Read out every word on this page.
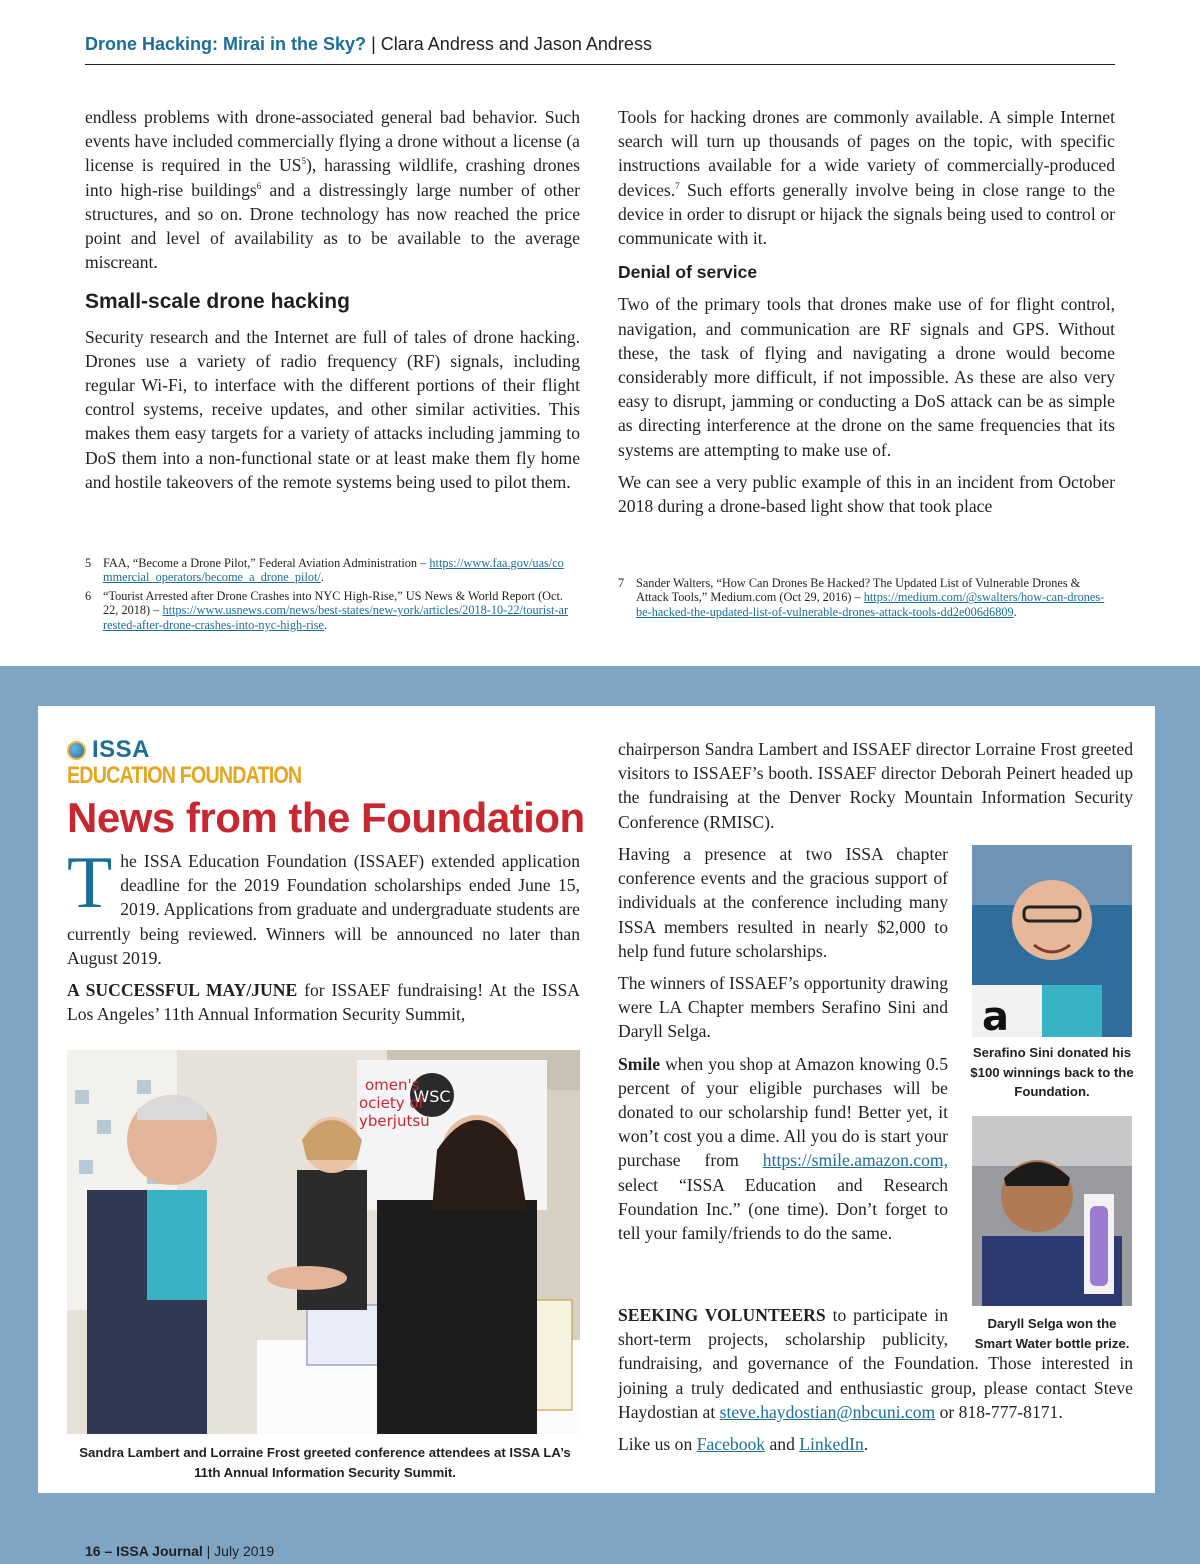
Drone Hacking: Mirai in the Sky? | Clara Andress and Jason Andress

endless problems with drone-associated general bad behavior. Such events have included commercially flying a drone without a license (a license is required in the $US^5$), harassing wildlife, crashing drones into high-rise buildings$^6$ and a distressingly large number of other structures, and so on. Drone technology has now reached the price point and level of availability as to be available to the average miscreant.

Small-scale drone hacking

Security research and the Internet are full of tales of drone hacking. Drones use a variety of radio frequency (RF) signals, including regular Wi-Fi, to interface with the different portions of their flight control systems, receive updates, and other similar activities. This makes them easy targets for a variety of attacks including jamming to DoS them into a non-functional state or at least make them fly home and hostile takeovers of the remote systems being used to pilot them.

Tools for hacking drones are commonly available. A simple Internet search will turn up thousands of pages on the topic, with specific instructions available for a wide variety of commercially-produced devices.$^7$ Such efforts generally involve being in close range to the device in order to disrupt or hijack the signals being used to control or communicate with it.

Denial of service

Two of the primary tools that drones make use of for flight control, navigation, and communication are RF signals and GPS. Without these, the task of flying and navigating a drone would become considerably more difficult, if not impossible. As these are also very easy to disrupt, jamming or conducting a DoS attack can be as simple as directing interference at the drone on the same frequencies that its systems are attempting to make use of.

We can see a very public example of this in an incident from October 2018 during a drone-based light show that took place

5 FAA, “Become a Drone Pilot,” Federal Aviation Administration – https://www.faa.gov/uas/commercial_operators/become_a_drone_pilot/.
6 “Tourist Arrested after Drone Crashes into NYC High-Rise,” US News & World Report (Oct. 22, 2018) – https://www.usnews.com/news/best-states/new-york/articles/2018-10-22/tourist-arrested-after-drone-crashes-into-nyc-high-rise.
7 Sander Walters, “How Can Drones Be Hacked? The Updated List of Vulnerable Drones & Attack Tools,” Medium.com (Oct 29, 2016) – https://medium.com/@swalters/how-can-drones-be-hacked-the-updated-list-of-vulnerable-drones-attack-tools-dd2e006d6809.
ISSA
EDUCATION FOUNDATION
News from the Foundation

The ISSA Education Foundation (ISSAEF) extended application deadline for the 2019 Foundation scholarships ended June 15, 2019. Applications from graduate and undergraduate students are currently being reviewed. Winners will be announced no later than August 2019.

A SUCCESSFUL MAY/JUNE for ISSAEF fundraising! At the ISSA Los Angeles’ 11th Annual Information Security Summit,

WSC
omen's
ociety of
yberjutsu
Sandra Lambert and Lorraine Frost greeted conference attendees at ISSA LA’s 11th Annual Information Security Summit.

chairperson Sandra Lambert and ISSAEF director Lorraine Frost greeted visitors to ISSAEF’s booth. ISSAEF director Deborah Peinert headed up the fundraising at the Denver Rocky Mountain Information Security Conference (RMISC).

Having a presence at two ISSA chapter conference events and the gracious support of individuals at the conference including many ISSA members resulted in nearly $2,000 to help fund future scholarships.

The winners of ISSAEF’s opportunity drawing were LA Chapter members Serafino Sini and Daryll Selga.

Smile when you shop at Amazon knowing 0.5 percent of your eligible purchases will be donated to our scholarship fund! Better yet, it won’t cost you a dime. All you do is start your purchase from https://smile.amazon.com, select “ISSA Education and Research Foundation Inc.” (one time). Don’t forget to tell your family/friends to do the same.

SEEKING VOLUNTEERS to participate in short-term projects, scholarship publicity, fundraising, and governance of the Foundation. Those interested in joining a truly dedicated and enthusiastic group, please contact Steve Haydostian at steve.haydostian@nbcuni.com or 818-777-8171.

Like us on Facebook and LinkedIn.

a
Serafino Sini donated his $100 winnings back to the Foundation.
Daryll Selga won the Smart Water bottle prize.
16 – ISSA Journal | July 2019
